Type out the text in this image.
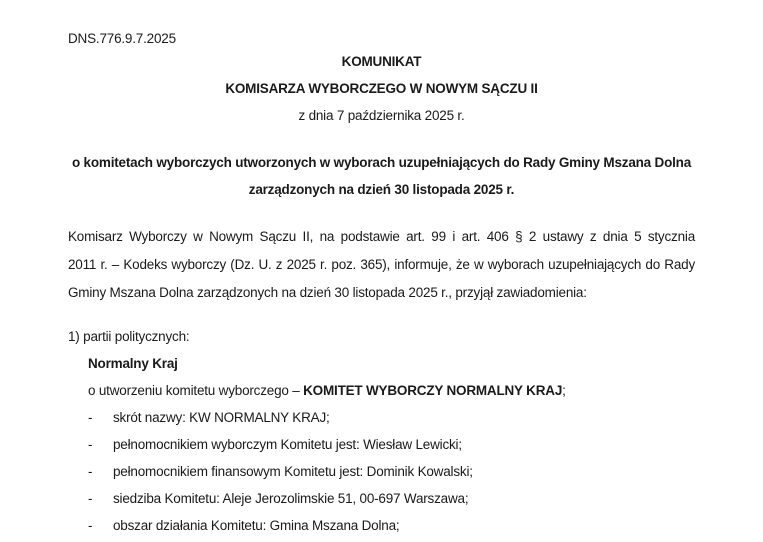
DNS.776.9.7.2025
KOMUNIKAT
KOMISARZA WYBORCZEGO W NOWYM SĄCZU II
z dnia 7 października 2025 r.
o komitetach wyborczych utworzonych w wyborach uzupełniających do Rady Gminy Mszana Dolna
zarządzonych na dzień 30 listopada 2025 r.
Komisarz Wyborczy w Nowym Sączu II, na podstawie art. 99 i art. 406 § 2 ustawy z dnia 5 stycznia
2011 r. – Kodeks wyborczy (Dz. U. z 2025 r. poz. 365), informuje, że w wyborach uzupełniających do Rady
Gminy Mszana Dolna zarządzonych na dzień 30 listopada 2025 r., przyjął zawiadomienia:
1) partii politycznych:
Normalny Kraj
o utworzeniu komitetu wyborczego – KOMITET WYBORCZY NORMALNY KRAJ;
-	skrót nazwy: KW NORMALNY KRAJ;
-	pełnomocnikiem wyborczym Komitetu jest: Wiesław Lewicki;
-	pełnomocnikiem finansowym Komitetu jest: Dominik Kowalski;
-	siedziba Komitetu: Aleje Jerozolimskie 51, 00-697 Warszawa;
-	obszar działania Komitetu: Gmina Mszana Dolna;
